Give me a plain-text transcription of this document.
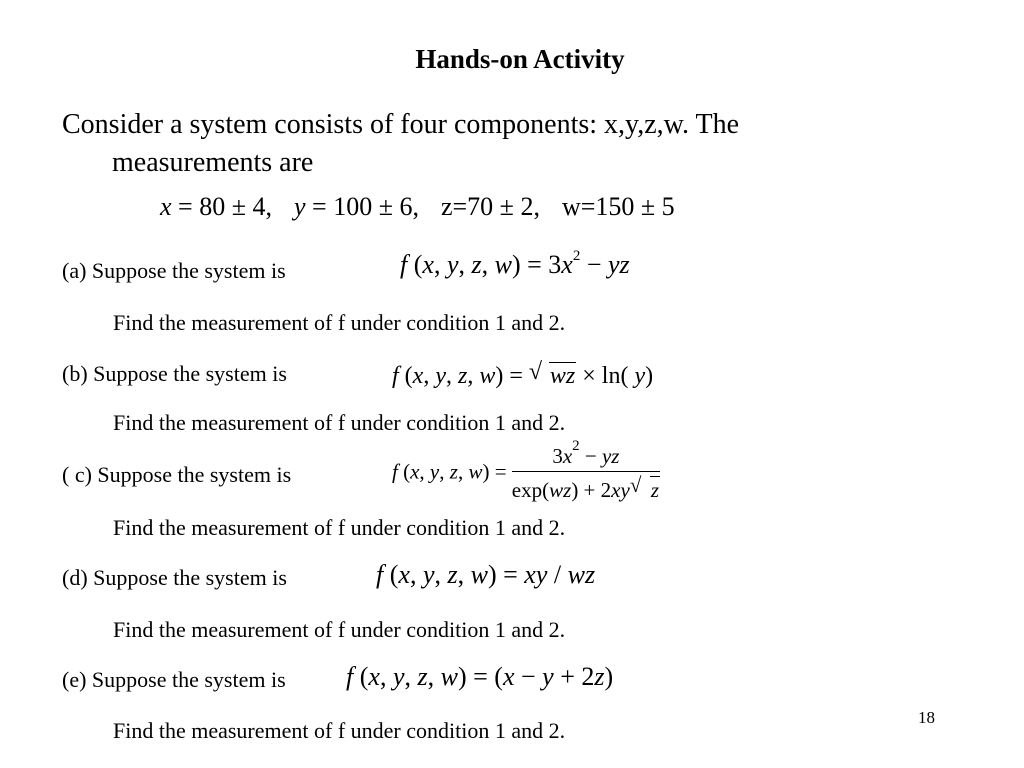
Hands-on Activity
Consider a system consists of four components: x,y,z,w. The
measurements are
x = 80 ± 4, y = 100 ± 6, z=70 ± 2, w=150 ± 5
(a) Suppose the system is	f (x, y, z, $w) = 3x^2$ − yz
Find the measurement of f under condition 1 and 2.
(b) Suppose the system is	f (x, y, z, w) = √ wz × ln( y)
Find the measurement of f under condition 1 and 2.
( c) Suppose the system is	f (x, y, z, $w) = \frac{3x^2 - yz}{\exp(wz) + 2xy √ z}$
Find the measurement of f under condition 1 and 2.
(d) Suppose the system is	f (x, y, z, w) = xy / wz
Find the measurement of f under condition 1 and 2.
(e) Suppose the system is f (x, y, z, w) = (x − y + 2z)
Find the measurement of f under condition 1 and 2.
18
